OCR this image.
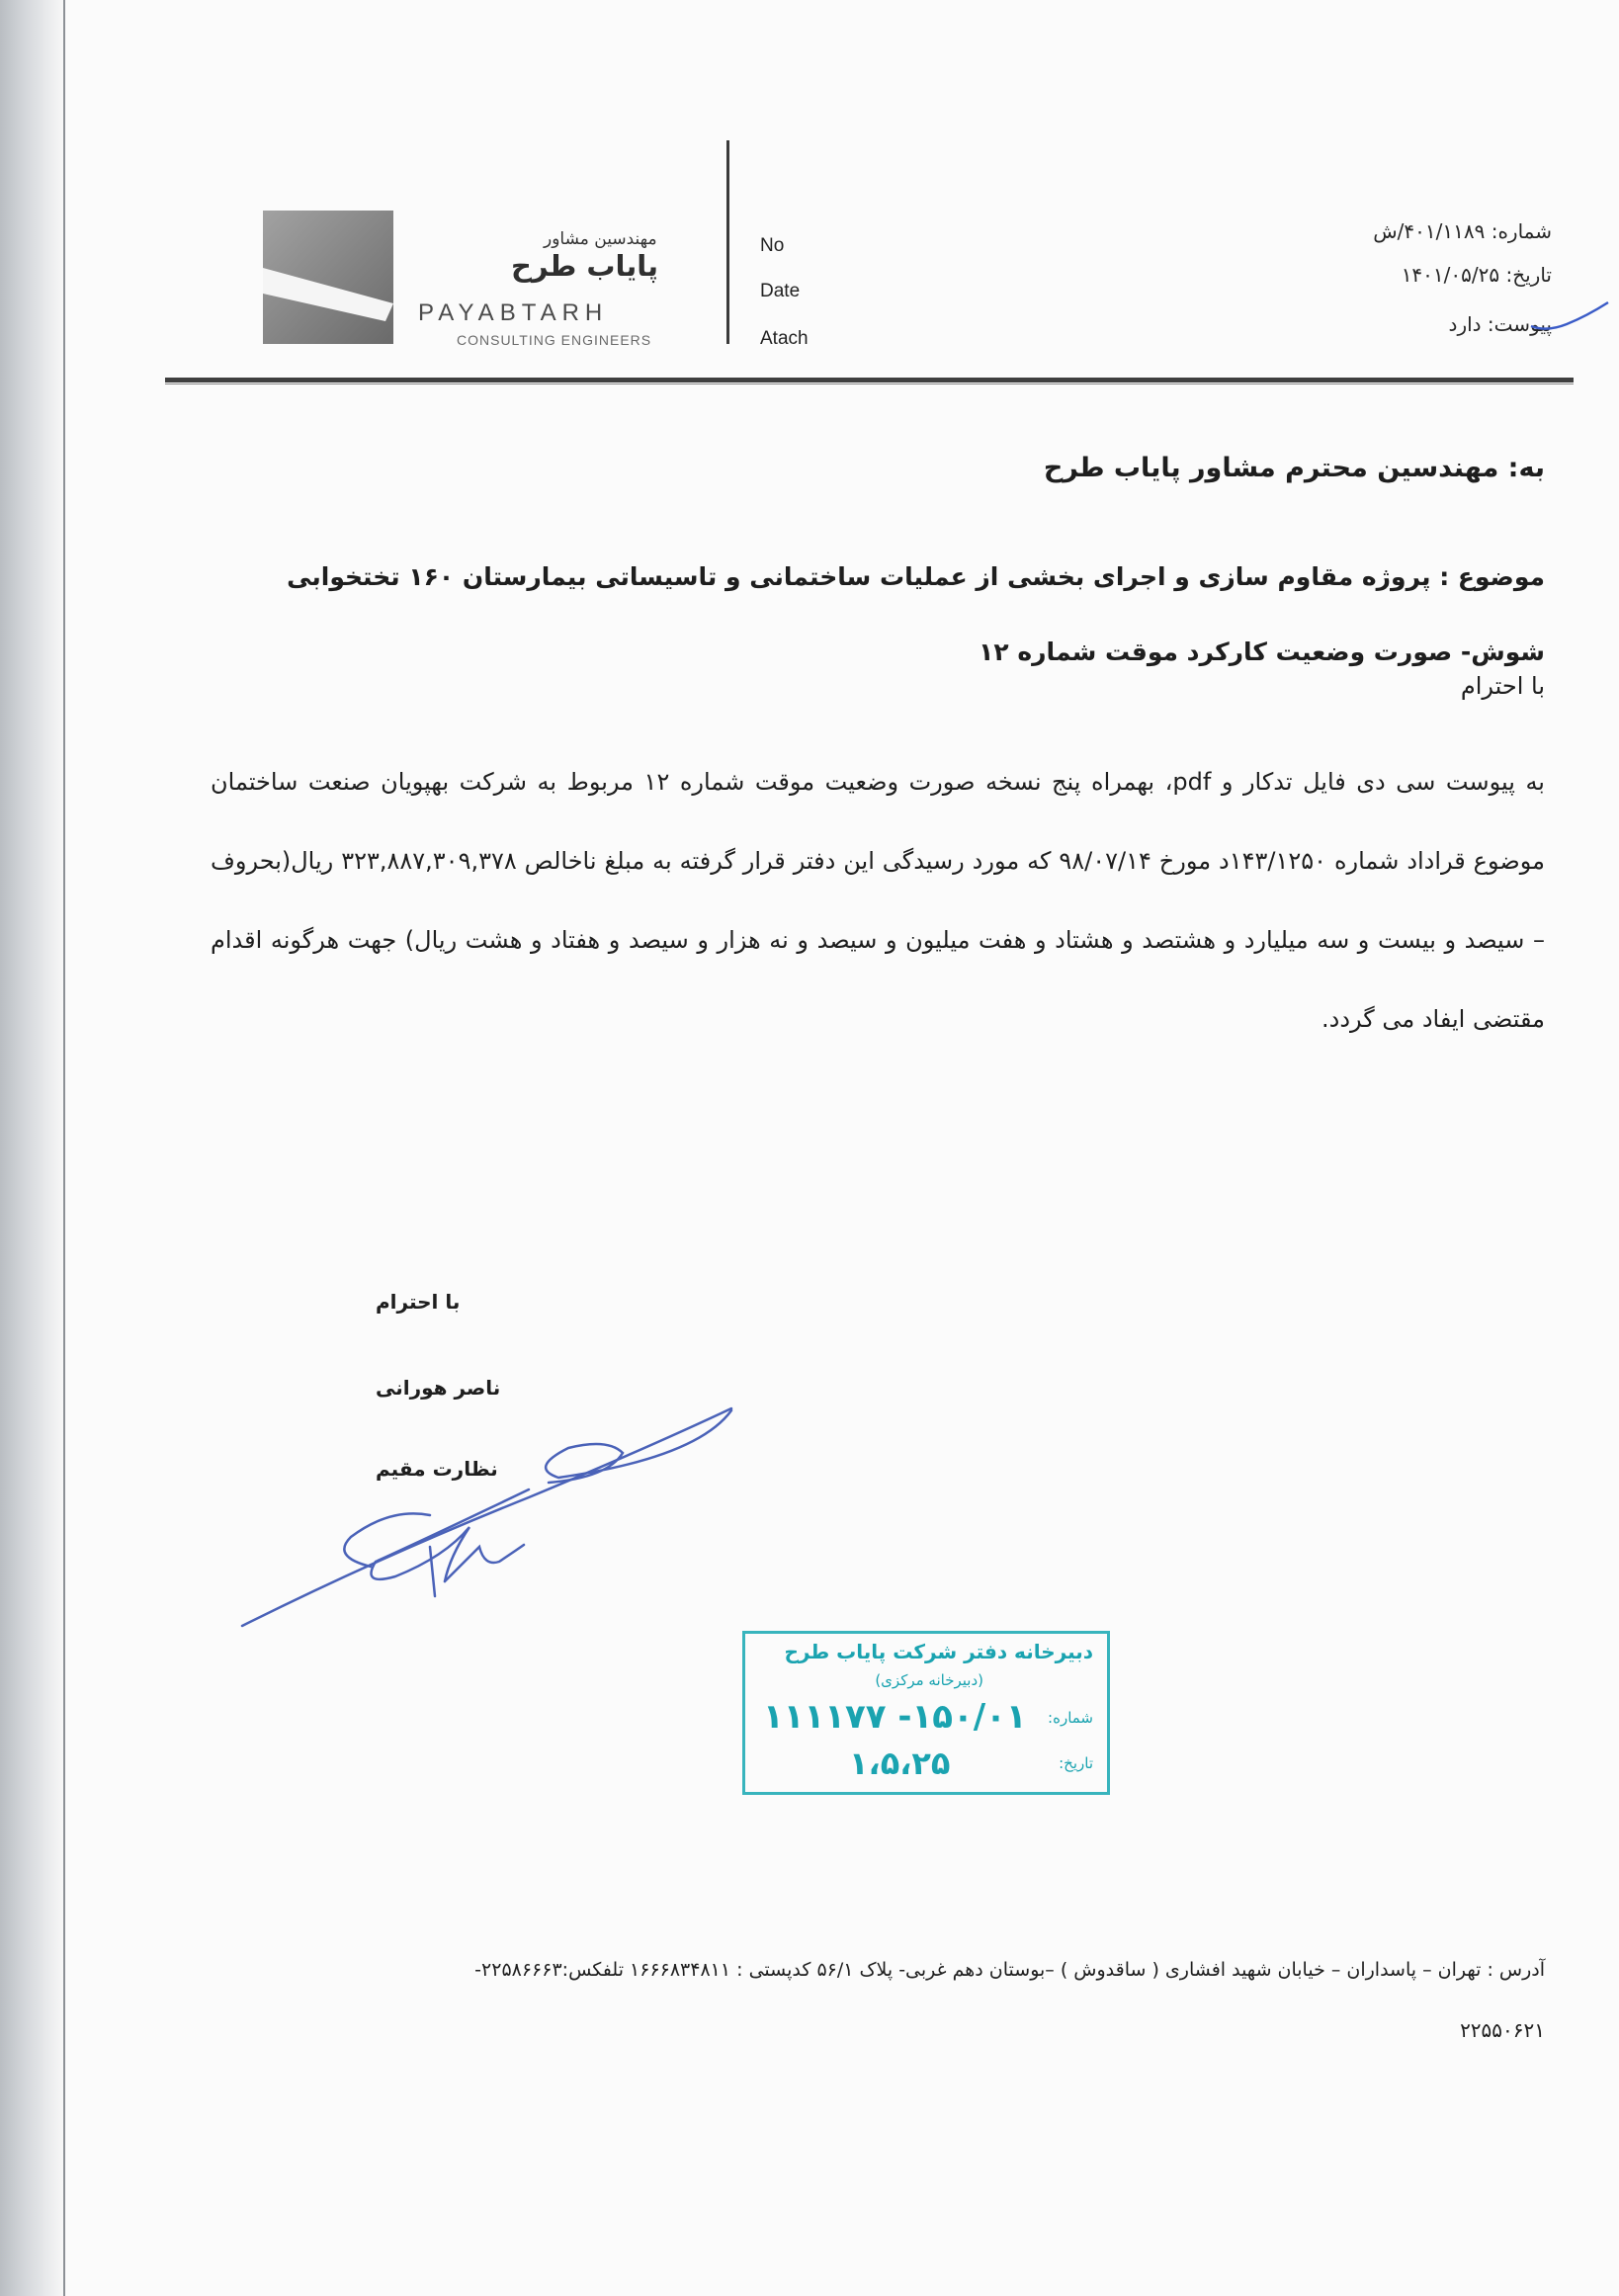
مهندسین مشاور
پایاب طرح
PAYABTARH
CONSULTING ENGINEERS
No
Date
Atach
شماره: ۴۰۱/۱۱۸۹/ش
تاریخ: ۱۴۰۱/۰۵/۲۵
پیوست: دارد
به: مهندسین محترم مشاور پایاب طرح
موضوع : پروژه مقاوم سازی و اجرای بخشی از عملیات ساختمانی و تاسیساتی بیمارستان ۱۶۰ تختخوابی شوش- صورت وضعیت کارکرد موقت شماره ۱۲
با احترام
به پیوست سی دی فایل تدکار و pdf، بهمراه پنج نسخه صورت وضعیت موقت شماره ۱۲ مربوط به شرکت بهپویان صنعت ساختمان موضوع قراداد شماره ۱۴۳/۱۲۵۰د مورخ ۹۸/۰۷/۱۴ که مورد رسیدگی این دفتر قرار گرفته به مبلغ ناخالص ۳۲۳,۸۸۷,۳۰۹,۳۷۸ ریال(بحروف – سیصد و بیست و سه میلیارد و هشتصد و هشتاد و هفت میلیون و سیصد و نه هزار و سیصد و هفتاد و هشت ریال) جهت هرگونه اقدام مقتضی ایفاد می گردد.
با احترام
ناصر هورانی
نظارت مقیم
دبیرخانه دفتر شرکت پایاب طرح
(دبیرخانه مرکزی)
شماره:
۱۵۰/۰۱- ۱۱۱۱۷۷
تاریخ:
۱،۵،۲۵
آدرس : تهران – پاسداران – خیابان شهید افشاری ( ساقدوش ) –بوستان دهم غربی- پلاک ۵۶/۱ کدپستی : ۱۶۶۶۸۳۴۸۱۱ تلفکس:۲۲۵۸۶۶۶۳-
۲۲۵۵۰۶۲۱
